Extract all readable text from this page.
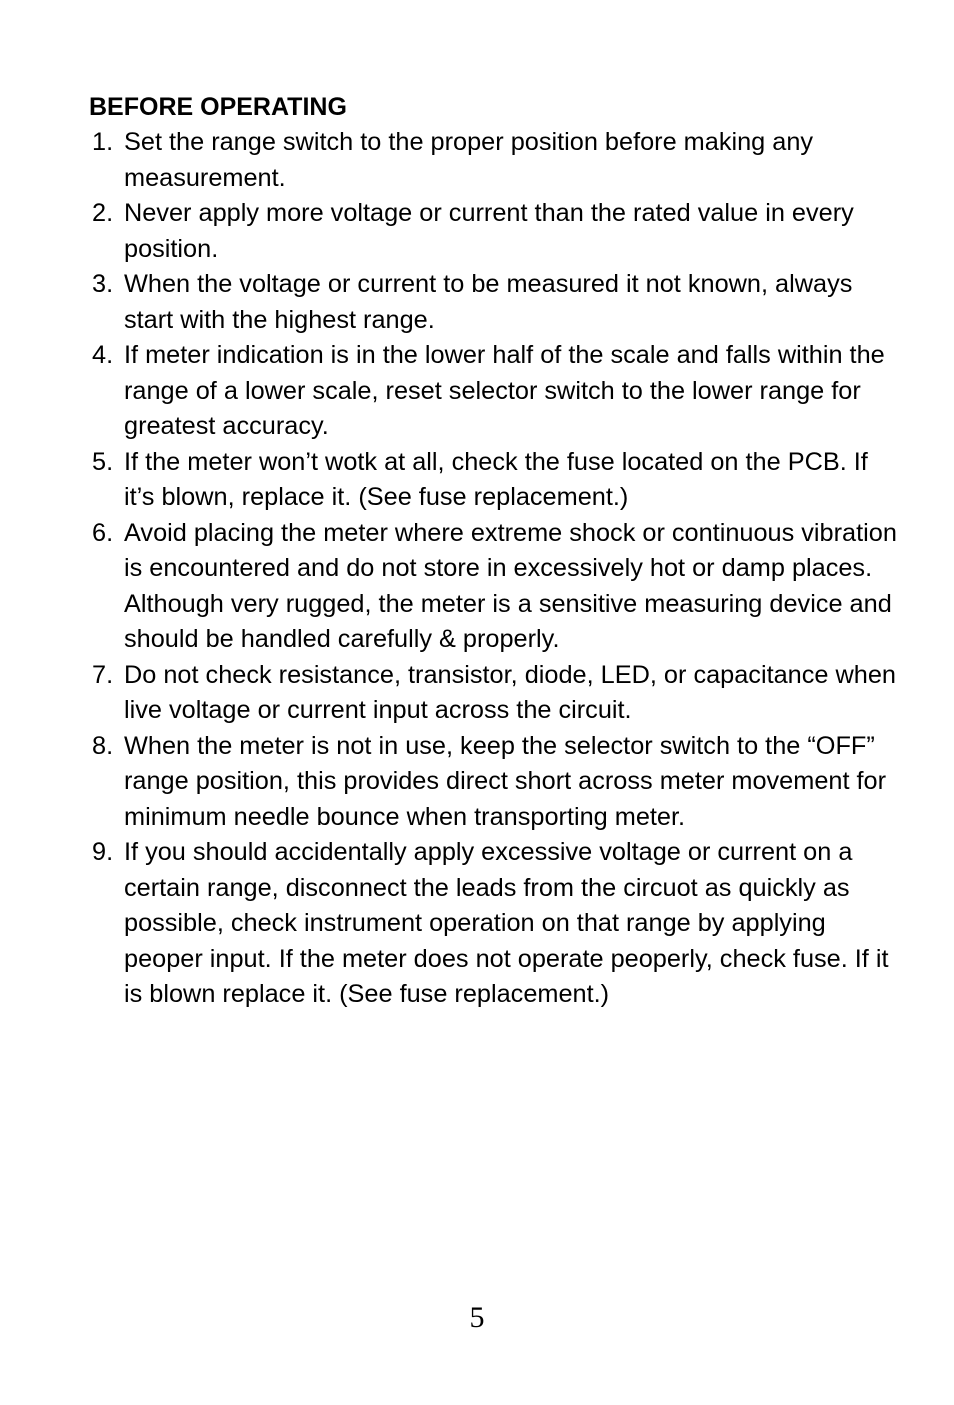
BEFORE OPERATING
1. Set the range switch to the proper position before making any measurement.
2. Never apply more voltage or current than the rated value in every position.
3. When the voltage or current to be measured it not known, always start with the highest range.
4. If meter indication is in the lower half of the scale and falls within the range of a lower scale, reset selector switch to the lower range for greatest accuracy.
5. If the meter won’t wotk at all, check the fuse located on the PCB. If it’s blown, replace it. (See fuse replacement.)
6. Avoid placing the meter where extreme shock or continuous vibration is encountered and do not store in excessively hot or damp places. Although very rugged, the meter is a sensitive measuring device and should be handled carefully & properly.
7. Do not check resistance, transistor, diode, LED, or capacitance when live voltage or current input across the circuit.
8. When the meter is not in use, keep the selector switch to the “OFF” range position, this provides direct short across meter movement for minimum needle bounce when transporting meter.
9. If you should accidentally apply excessive voltage or current on a certain range, disconnect the leads from the circuot as quickly as possible, check instrument operation on that range by applying peoper input. If the meter does not operate peoperly, check fuse. If it is blown replace it. (See fuse replacement.)
5
